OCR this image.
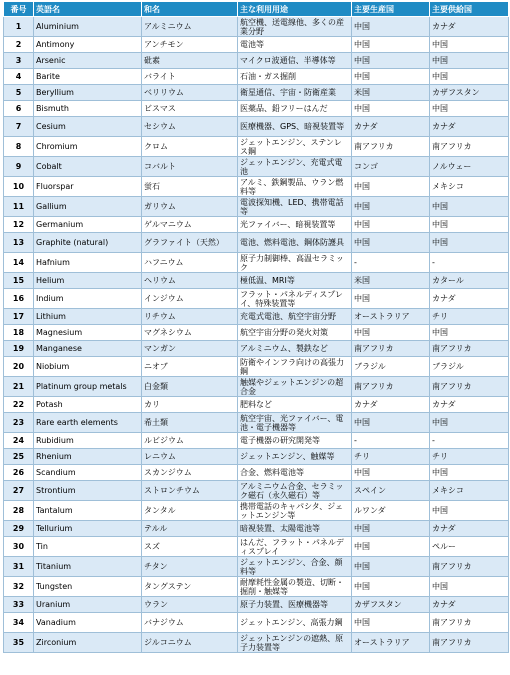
番号	英語名	和名	主な利用用途	主要生産国	主要供給国
1	Aluminium	アルミニウム	航空機、送電線他、多くの産業分野	中国	カナダ
2	Antimony	アンチモン	電池等	中国	中国
3	Arsenic	砒素	マイクロ波通信、半導体等	中国	中国
4	Barite	バライト	石油・ガス掘削	中国	中国
5	Beryllium	ベリリウム	衛星通信、宇宙・防衛産業	米国	カザフスタン
6	Bismuth	ビスマス	医薬品、鉛フリーはんだ	中国	中国
7	Cesium	セシウム	医療機器、GPS、暗視装置等	カナダ	カナダ
8	Chromium	クロム	ジェットエンジン、ステンレス鋼	南アフリカ	南アフリカ
9	Cobalt	コバルト	ジェットエンジン、充電式電池	コンゴ	ノルウェー
10	Fluorspar	蛍石	アルミ、鉄鋼製品、ウラン燃料等	中国	メキシコ
11	Gallium	ガリウム	電波探知機、LED、携帯電話等	中国	中国
12	Germanium	ゲルマニウム	光ファイバー、暗視装置等	中国	中国
13	Graphite (natural)	グラファイト（天然）	電池、燃料電池、鋼体防護具	中国	中国
14	Hafnium	ハフニウム	原子力制御棒、高温セラミック	-	-
15	Helium	ヘリウム	極低温、MRI等	米国	カタール
16	Indium	インジウム	フラット・パネルディスプレイ、特殊装置等	中国	カナダ
17	Lithium	リチウム	充電式電池、航空宇宙分野	オーストラリア	チリ
18	Magnesium	マグネシウム	航空宇宙分野の発火対策	中国	中国
19	Manganese	マンガン	アルミニウム、製鉄など	南アフリカ	南アフリカ
20	Niobium	ニオブ	防衛やインフラ向けの高張力鋼	ブラジル	ブラジル
21	Platinum group metals	白金類	触媒やジェットエンジンの超合金	南アフリカ	南アフリカ
22	Potash	カリ	肥料など	カナダ	カナダ
23	Rare earth elements	希土類	航空宇宙、光ファイバー、電池・電子機器等	中国	中国
24	Rubidium	ルビジウム	電子機器の研究開発等	-	-
25	Rhenium	レニウム	ジェットエンジン、触媒等	チリ	チリ
26	Scandium	スカンジウム	合金、燃料電池等	中国	中国
27	Strontium	ストロンチウム	アルミニウム合金、セラミック磁石（永久磁石）等	スペイン	メキシコ
28	Tantalum	タンタル	携帯電話のキャパシタ、ジェットエンジン等	ルワンダ	中国
29	Tellurium	テルル	暗視装置、太陽電池等	中国	カナダ
30	Tin	スズ	はんだ、フラット・パネルディスプレイ	中国	ペルー
31	Titanium	チタン	ジェットエンジン、合金、顔料等	中国	南アフリカ
32	Tungsten	タングステン	耐摩耗性金属の製造、切断・掘削・触媒等	中国	中国
33	Uranium	ウラン	原子力装置、医療機器等	カザフスタン	カナダ
34	Vanadium	バナジウム	ジェットエンジン、高張力鋼	中国	南アフリカ
35	Zirconium	ジルコニウム	ジェットエンジンの遮熱、原子力装置等	オーストラリア	南アフリカ
